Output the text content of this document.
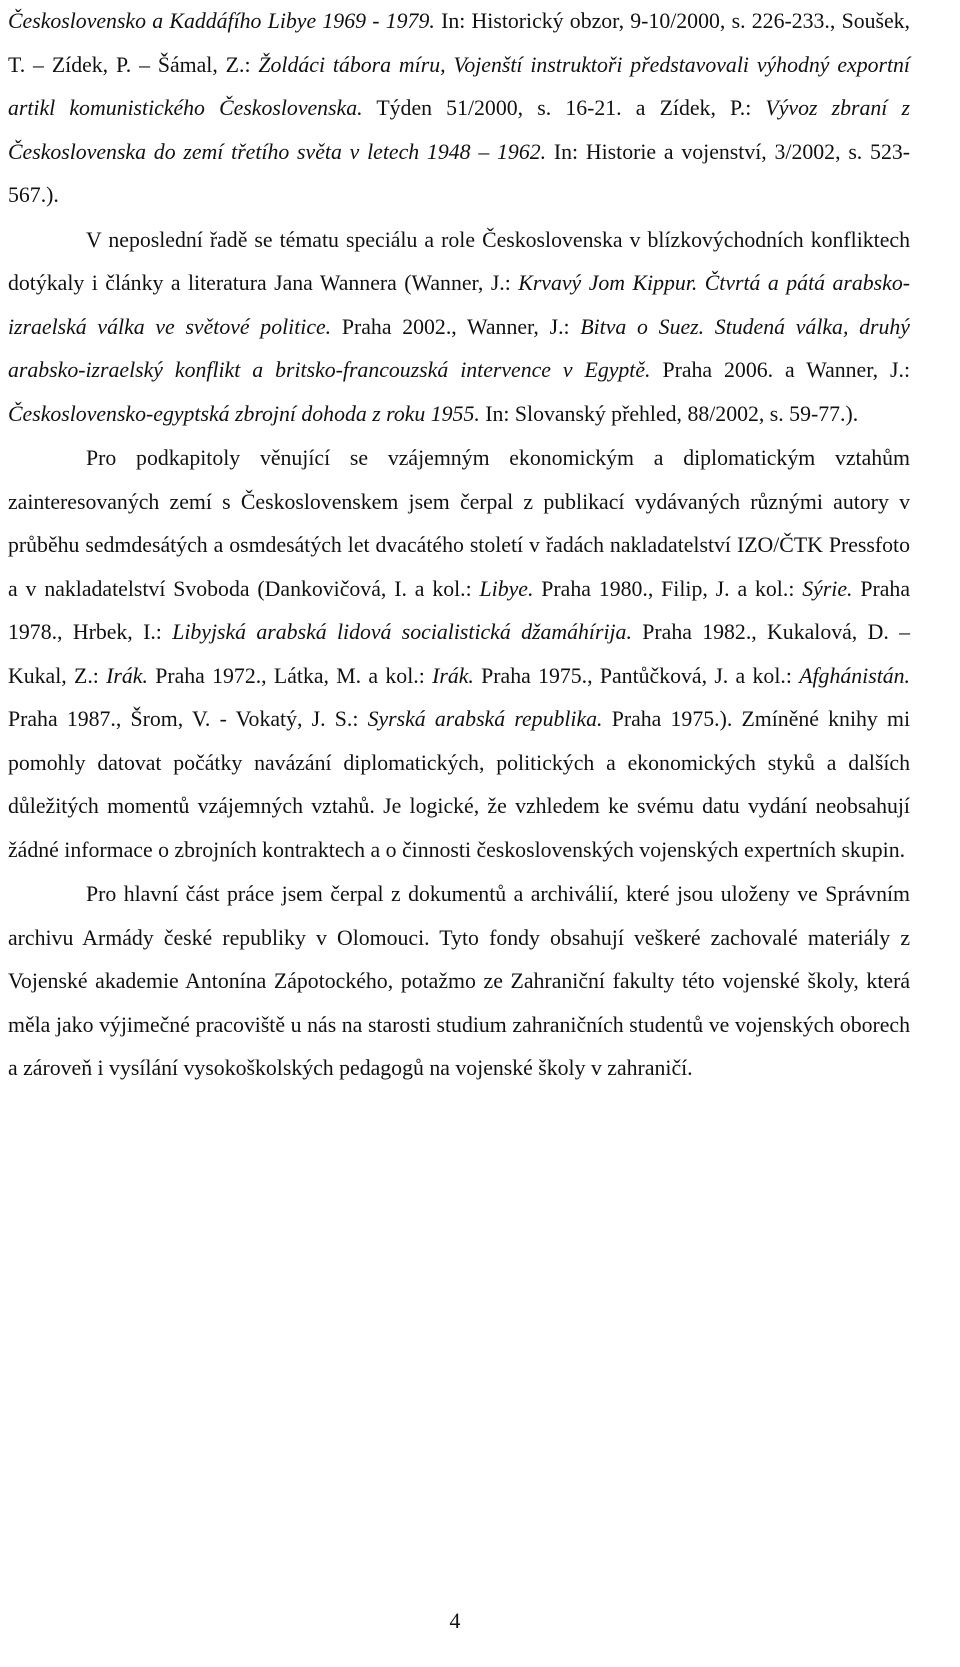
Československo a Kaddáfího Libye 1969 - 1979. In: Historický obzor, 9-10/2000, s. 226-233., Soušek, T. – Zídek, P. – Šámal, Z.: Žoldáci tábora míru, Vojenští instruktoři představovali výhodný exportní artikl komunistického Československa. Týden 51/2000, s. 16-21. a Zídek, P.: Vývoz zbraní z Československa do zemí třetího světa v letech 1948 – 1962. In: Historie a vojenství, 3/2002, s. 523-567.).

V neposlední řadě se tématu speciálu a role Československa v blízkovýchodních konfliktech dotýkaly i články a literatura Jana Wannera (Wanner, J.: Krvavý Jom Kippur. Čtvrtá a pátá arabsko-izraelská válka ve světové politice. Praha 2002., Wanner, J.: Bitva o Suez. Studená válka, druhý arabsko-izraelský konflikt a britsko-francouzská intervence v Egyptě. Praha 2006. a Wanner, J.: Československo-egyptská zbrojní dohoda z roku 1955. In: Slovanský přehled, 88/2002, s. 59-77.).

Pro podkapitoly věnující se vzájemným ekonomickým a diplomatickým vztahům zainteresovaných zemí s Československem jsem čerpal z publikací vydávaných různými autory v průběhu sedmdesátých a osmdesátých let dvacátého století v řadách nakladatelství IZO/ČTK Pressfoto a v nakladatelství Svoboda (Dankovičová, I. a kol.: Libye. Praha 1980., Filip, J. a kol.: Sýrie. Praha 1978., Hrbek, I.: Libyjská arabská lidová socialistická džamáhírija. Praha 1982., Kukalová, D. – Kukal, Z.: Irák. Praha 1972., Látka, M. a kol.: Irák. Praha 1975., Pantůčková, J. a kol.: Afghánistán. Praha 1987., Šrom, V. - Vokatý, J. S.: Syrská arabská republika. Praha 1975.). Zmíněné knihy mi pomohly datovat počátky navázání diplomatických, politických a ekonomických styků a dalších důležitých momentů vzájemných vztahů. Je logické, že vzhledem ke svému datu vydání neobsahují žádné informace o zbrojních kontraktech a o činnosti československých vojenských expertních skupin.

Pro hlavní část práce jsem čerpal z dokumentů a archiválií, které jsou uloženy ve Správním archivu Armády české republiky v Olomouci. Tyto fondy obsahují veškeré zachovalé materiály z Vojenské akademie Antonína Zápotockého, potažmo ze Zahraniční fakulty této vojenské školy, která měla jako výjimečné pracoviště u nás na starosti studium zahraničních studentů ve vojenských oborech a zároveň i vysílání vysokoškolských pedagogů na vojenské školy v zahraničí.

4
